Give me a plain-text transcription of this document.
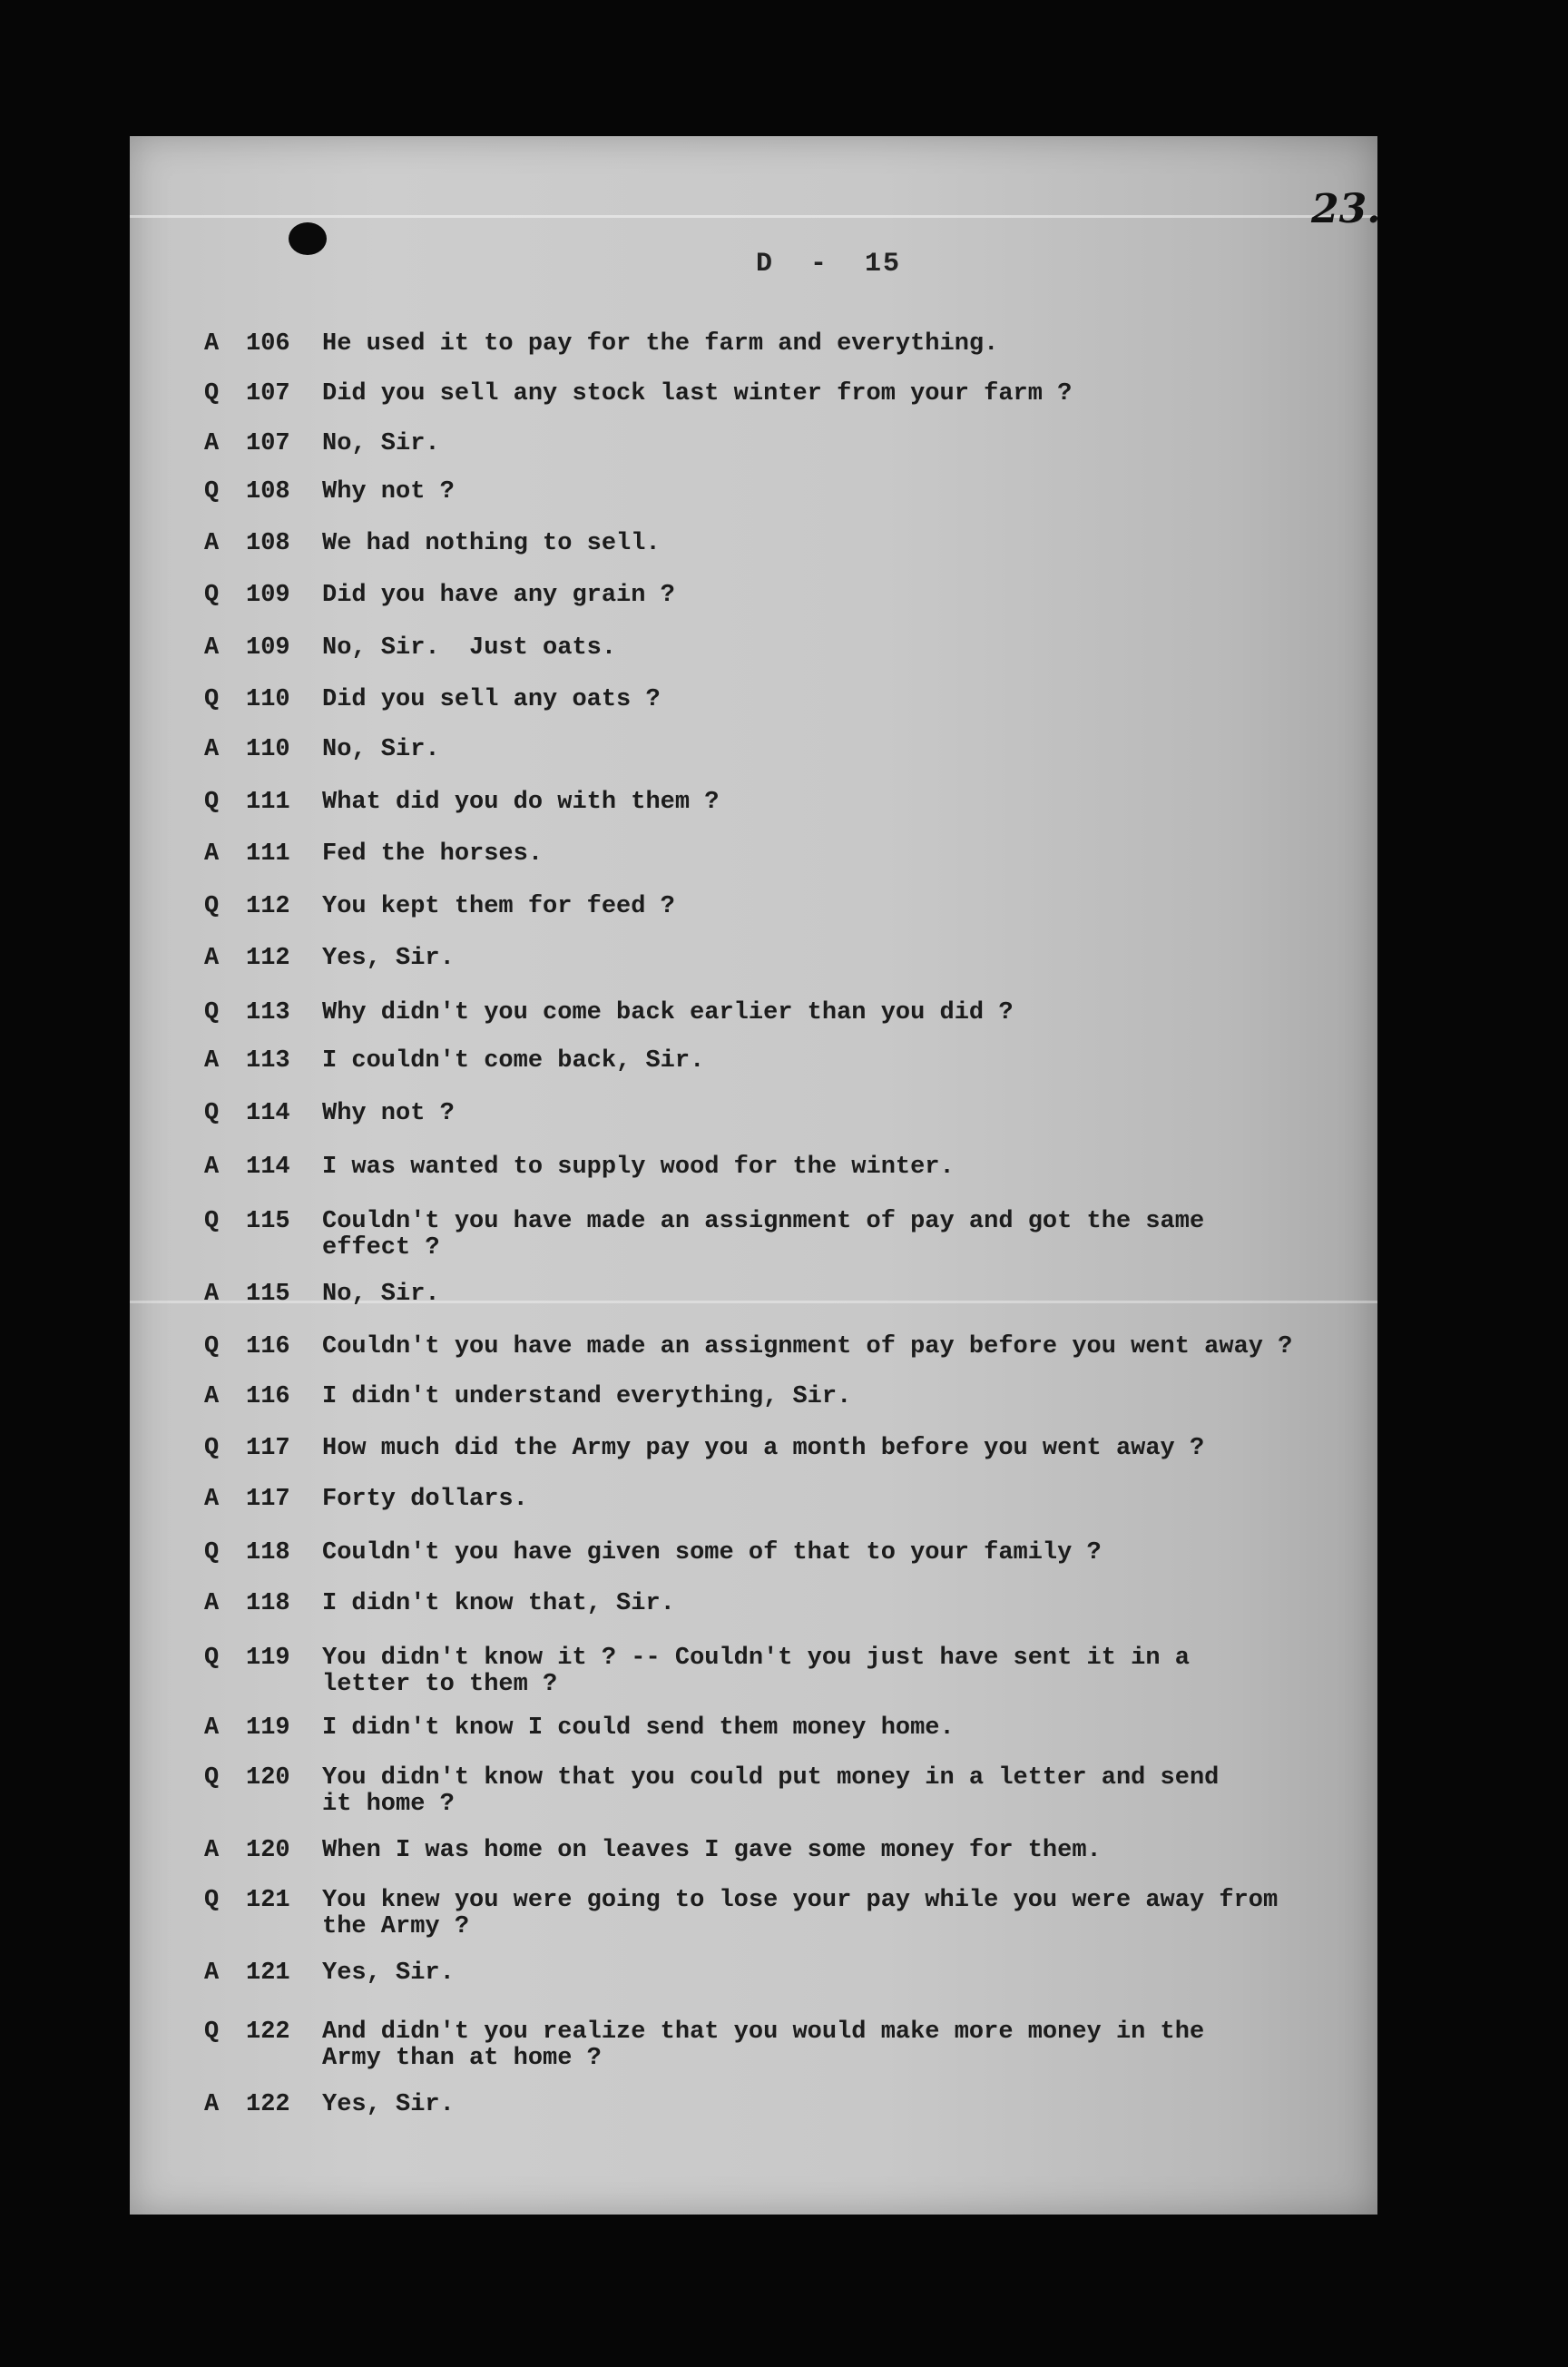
23.
D  -  15
A	106	He used it to pay for the farm and everything.
Q	107	Did you sell any stock last winter from your farm ?
A	107	No, Sir.
Q	108	Why not ?
A	108	We had nothing to sell.
Q	109	Did you have any grain ?
A	109	No, Sir.  Just oats.
Q	110	Did you sell any oats ?
A	110	No, Sir.
Q	111	What did you do with them ?
A	111	Fed the horses.
Q	112	You kept them for feed ?
A	112	Yes, Sir.
Q	113	Why didn't you come back earlier than you did ?
A	113	I couldn't come back, Sir.
Q	114	Why not ?
A	114	I was wanted to supply wood for the winter.
Q	115	Couldn't you have made an assignment of pay and got the same
effect ?
A	115	No, Sir.
Q	116	Couldn't you have made an assignment of pay before you went away ?
A	116	I didn't understand everything, Sir.
Q	117	How much did the Army pay you a month before you went away ?
A	117	Forty dollars.
Q	118	Couldn't you have given some of that to your family ?
A	118	I didn't know that, Sir.
Q	119	You didn't know it ? -- Couldn't you just have sent it in a
letter to them ?
A	119	I didn't know I could send them money home.
Q	120	You didn't know that you could put money in a letter and send
it home ?
A	120	When I was home on leaves I gave some money for them.
Q	121	You knew you were going to lose your pay while you were away from
the Army ?
A	121	Yes, Sir.
Q	122	And didn't you realize that you would make more money in the
Army than at home ?
A	122	Yes, Sir.
